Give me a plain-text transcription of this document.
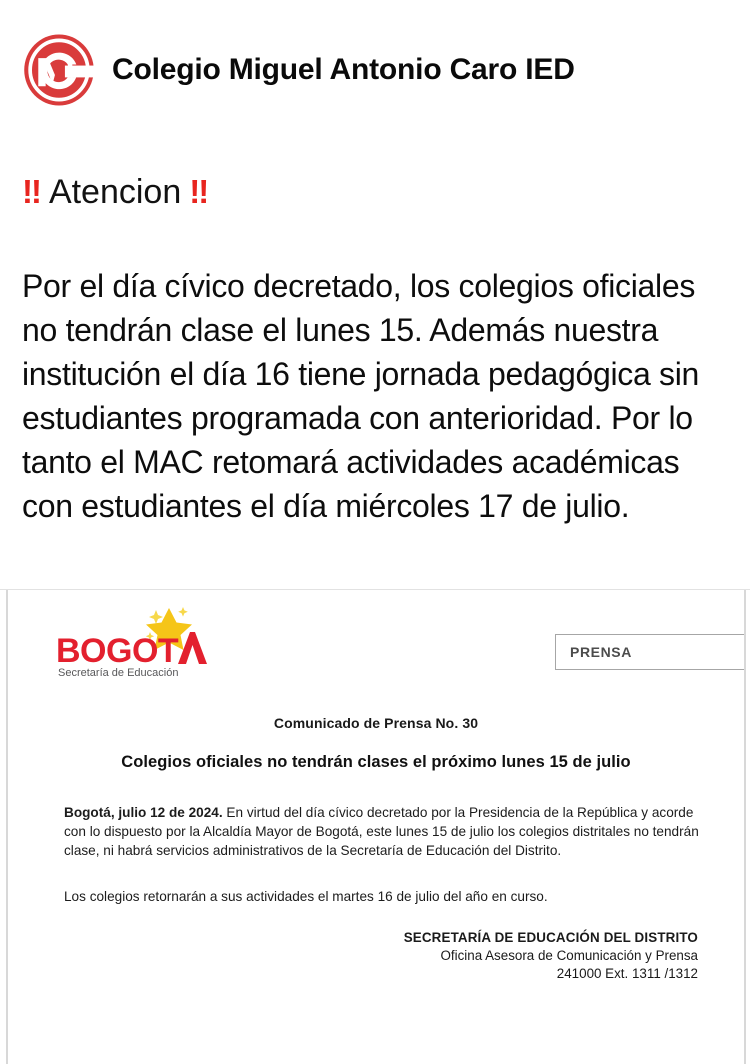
Colegio Miguel Antonio Caro IED
‼ Atencion ‼
Por el día cívico decretado, los colegios oficiales no tendrán clase el lunes 15. Además nuestra institución el día 16 tiene jornada pedagógica sin estudiantes programada con anterioridad. Por lo tanto el MAC retomará actividades académicas con estudiantes el día miércoles 17 de julio.
BOGOT
Secretaría de Educación
PRENSA
Comunicado de Prensa No. 30
Colegios oficiales no tendrán clases el próximo lunes 15 de julio
Bogotá, julio 12 de 2024. En virtud del día cívico decretado por la Presidencia de la República y acorde con lo dispuesto por la Alcaldía Mayor de Bogotá, este lunes 15 de julio los colegios distritales no tendrán clase, ni habrá servicios administrativos de la Secretaría de Educación del Distrito.
Los colegios retornarán a sus actividades el martes 16 de julio del año en curso.
SECRETARÍA DE EDUCACIÓN DEL DISTRITO
Oficina Asesora de Comunicación y Prensa
241000 Ext. 1311 /1312
